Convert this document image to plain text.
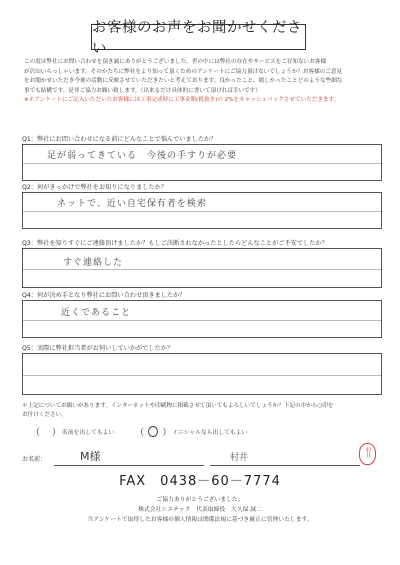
お客様のお声をお聞かせください

この度は弊社にお問い合わせを頂き誠にありがとうございました。世の中には弊社の存在やサービスをご存知ないお客様

が沢山いらっしゃいます。そのかたちに弊社をより知って頂くためのアンケートにご協力頂けないでしょうか？お客様のご意見

をお聞かせいただき今後の活動に反映させていただきたいと考えております。良かったこと、嬉しかったことどのような些細な

事でも結構です。是非ご協力お願い致します。（出来るだけ具体的に書いて頂ければ幸いです）

※ホアンケートにご記入いただいたお客様には工事完成時に工事金額(税抜き)の 2%をキャッシュバックさせていただきます。

Q1：弊社にお問い合わせになる前にどんなことで悩んでいましたか？
足が弱ってきている　今後の手すりが必要
Q2：何がきっかけで弊社をお知りになりましたか？
ネットで、近い自宅保有者を検索
Q3：弊社を知りすぐにご連絡頂けましたか？もしご決断されなかったとしたらどんなことがご不安でしたか？
すぐ連絡した
Q4：何が決め手となり弊社にお問い合わせ頂きましたか？
近くであること
Q5：実際に弊社担当者がお伺いしていかがでしたか？
＊上記についてお願いがあります。インターネットや印刷物に掲載させて頂いてもよろしいでしょうか？下記の中から○印を
お付けください。
（ ） 名前を出してもよい （ ○ ） イニシャルなら出してもよい
お名前：	M様	村井	村井
FAX　0438－60－7774
ご協力ありがとうございました。
株式会社シエテック　代表取締役　大久保 誠二
当アンケートで取得したお客様の個人情報は関係法規に基づき厳正に管理いたします。
